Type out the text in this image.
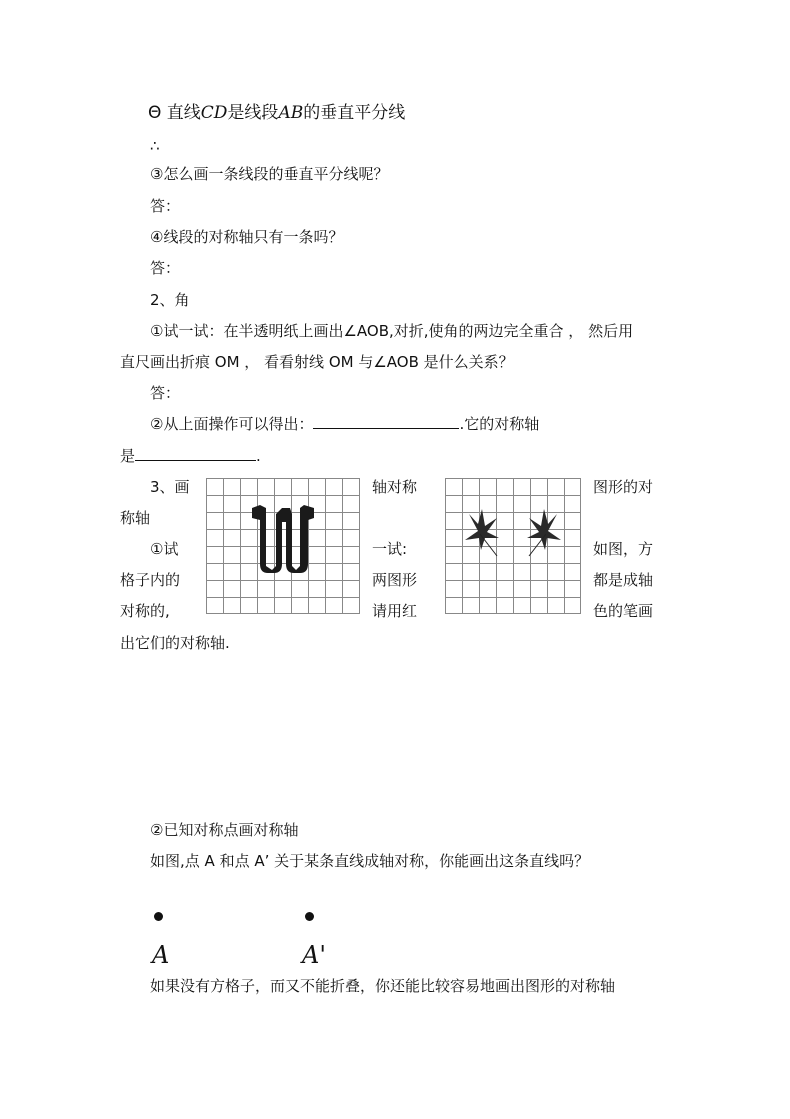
Θ 直线CD是线段AB的垂直平分线
∴
③怎么画一条线段的垂直平分线呢？
答：
④线段的对称轴只有一条吗？
答：
2、角
①试一试：在半透明纸上画出∠AOB,对折,使角的两边完全重合 ， 然后用
直尺画出折痕 OM ， 看看射线 OM 与∠AOB 是什么关系？
答：
②从上面操作可以得出：	.它的对称轴
是	.
3、画
称轴
①试
格子内的
对称的,
出它们的对称轴.
轴对称
一试:
两图形
请用红
图形的对
如图，方
都是成轴
色的笔画
②已知对称点画对称轴
如图,点 A 和点 A’ 关于某条直线成轴对称，你能画出这条直线吗？
A	A'
如果没有方格子，而又不能折叠，你还能比较容易地画出图形的对称轴
